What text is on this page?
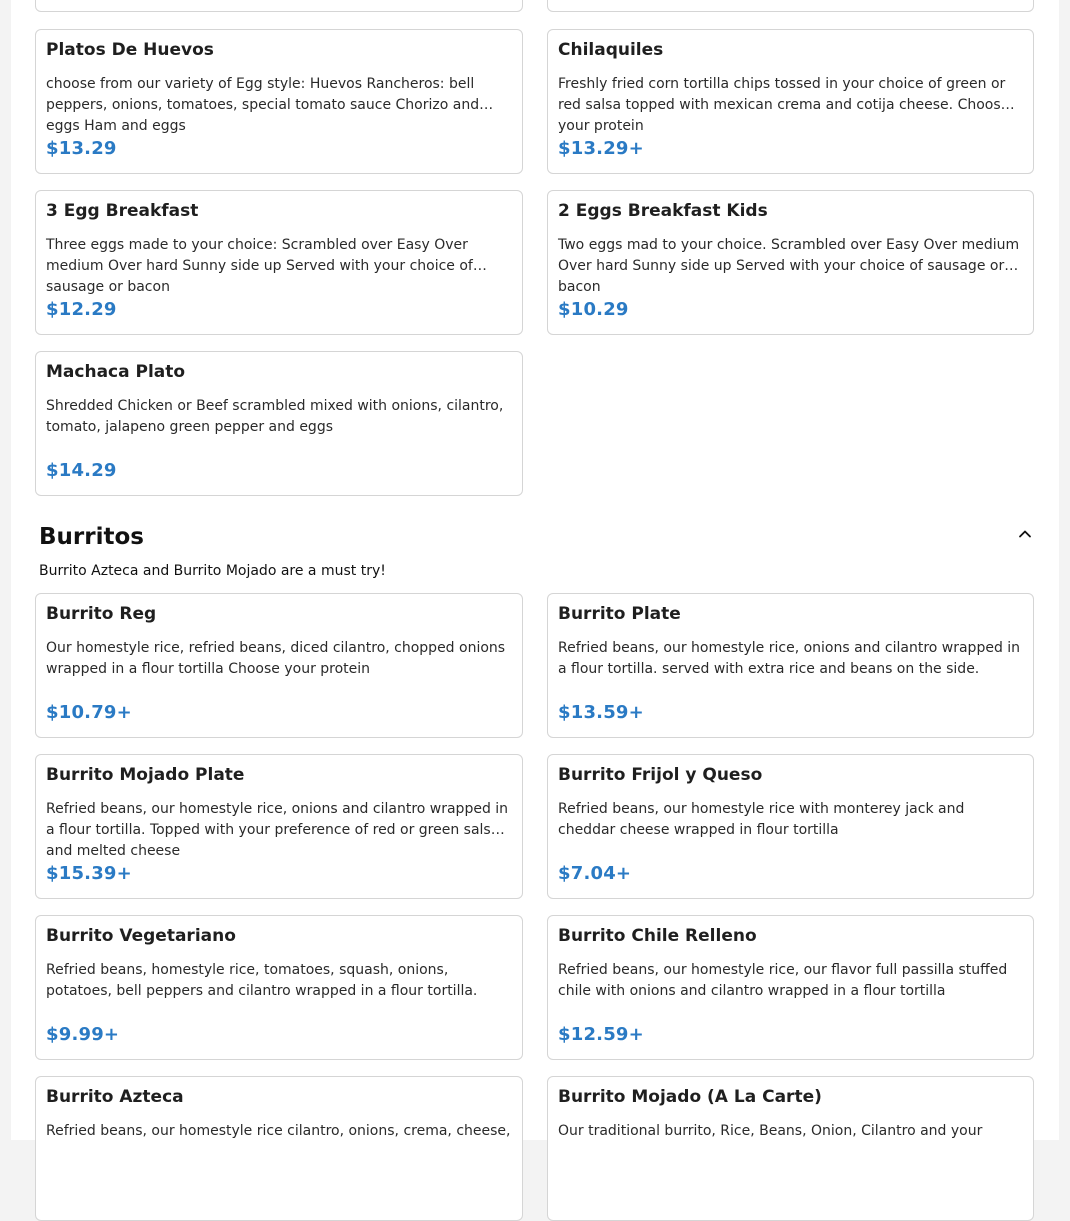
Platos De Huevos
choose from our variety of Egg style: Huevos Rancheros: bell peppers, onions, tomatoes, special tomato sauce Chorizo and eggs Ham and eggs
$13.29
Chilaquiles
Freshly fried corn tortilla chips tossed in your choice of green or red salsa topped with mexican crema and cotija cheese. Choose your protein
$13.29+
3 Egg Breakfast
Three eggs made to your choice: Scrambled over Easy Over medium Over hard Sunny side up Served with your choice of sausage or bacon
$12.29
2 Eggs Breakfast Kids
Two eggs mad to your choice. Scrambled over Easy Over medium Over hard Sunny side up Served with your choice of sausage or bacon
$10.29
Machaca Plato
Shredded Chicken or Beef scrambled mixed with onions, cilantro, tomato, jalapeno green pepper and eggs
$14.29
Burritos
Burrito Azteca and Burrito Mojado are a must try!
Burrito Reg
Our homestyle rice, refried beans, diced cilantro, chopped onions wrapped in a flour tortilla Choose your protein
$10.79+
Burrito Plate
Refried beans, our homestyle rice, onions and cilantro wrapped in a flour tortilla. served with extra rice and beans on the side.
$13.59+
Burrito Mojado Plate
Refried beans, our homestyle rice, onions and cilantro wrapped in a flour tortilla. Topped with your preference of red or green salsa and melted cheese
$15.39+
Burrito Frijol y Queso
Refried beans, our homestyle rice with monterey jack and cheddar cheese wrapped in flour tortilla
$7.04+
Burrito Vegetariano
Refried beans, homestyle rice, tomatoes, squash, onions, potatoes, bell peppers and cilantro wrapped in a flour tortilla.
$9.99+
Burrito Chile Relleno
Refried beans, our homestyle rice, our flavor full passilla stuffed chile with onions and cilantro wrapped in a flour tortilla
$12.59+
Burrito Azteca
Refried beans, our homestyle rice cilantro, onions, crema, cheese,
Burrito Mojado (A La Carte)
Our traditional burrito, Rice, Beans, Onion, Cilantro and your
